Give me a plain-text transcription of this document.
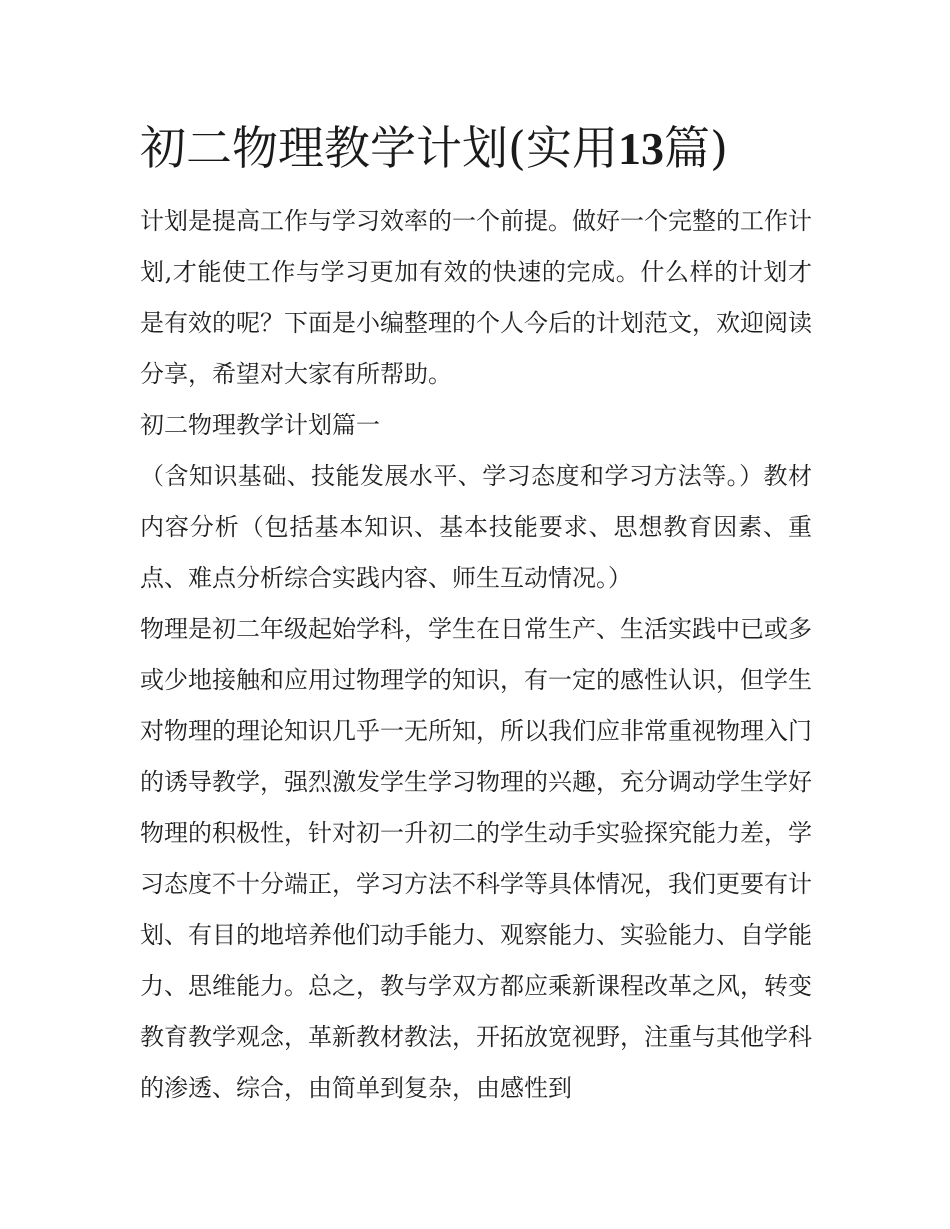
初二物理教学计划(实用13篇)

计划是提高工作与学习效率的一个前提。做好一个完整的工作计划,才能使工作与学习更加有效的快速的完成。什么样的计划才是有效的呢？下面是小编整理的个人今后的计划范文，欢迎阅读分享，希望对大家有所帮助。

初二物理教学计划篇一

（含知识基础、技能发展水平、学习态度和学习方法等。）教材内容分析（包括基本知识、基本技能要求、思想教育因素、重点、难点分析综合实践内容、师生互动情况。）

物理是初二年级起始学科，学生在日常生产、生活实践中已或多或少地接触和应用过物理学的知识，有一定的感性认识，但学生对物理的理论知识几乎一无所知，所以我们应非常重视物理入门的诱导教学，强烈激发学生学习物理的兴趣，充分调动学生学好物理的积极性，针对初一升初二的学生动手实验探究能力差，学习态度不十分端正，学习方法不科学等具体情况，我们更要有计划、有目的地培养他们动手能力、观察能力、实验能力、自学能力、思维能力。总之，教与学双方都应乘新课程改革之风，转变教育教学观念，革新教材教法，开拓放宽视野，注重与其他学科的渗透、综合，由简单到复杂，由感性到
